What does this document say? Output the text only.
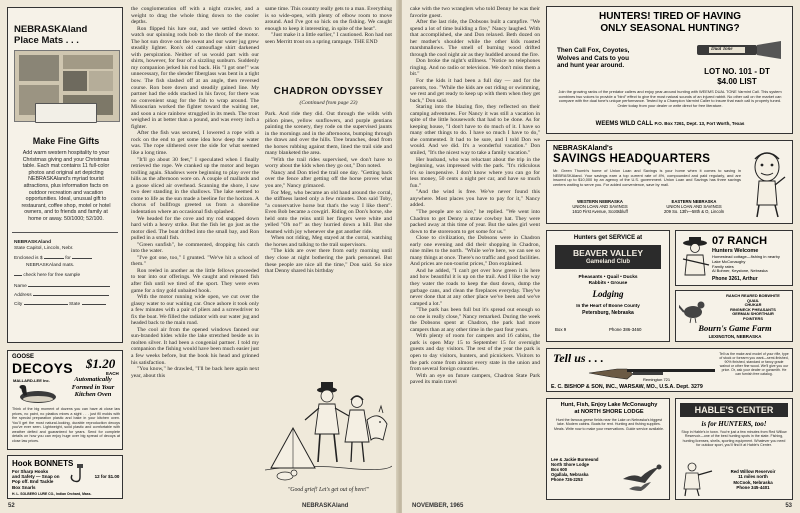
NEBRASKAland
Place Mats . . .
Make Fine Gifts
Add warm western hospitality to your Christmas giving and your Christmas table. Each mat contains 11 full-color photos and original art depicting NEBRASKAland's myriad tourist attractions, plus information facts on outdoor recreation and vacation opportunities. Ideal, unusual gift to restaurant, coffee shop, motel or hotel owners, and to friends and family at home or away. 50/1000; 52/100.
NEBRASKAland
State Capitol, Lincoln, Nebr.
Enclosed is $	for
NEBRASKAland mats.
check here for free sample
Name
Address
City	State
GOOSE
DECOYS $1.20
EACH
Automatically
Formed in Your
Kitchen Oven
MALLARD-LEE Inc.
Think of the big moment of dozens you can have at close law prices, no paint, no plastics mixes a sight . . . just fill molds with the special preparation plastic and bake in your kitchen oven. You'll get the most natural-looking, durable reproduction decoys you've ever seen. Lightweight, solid plastic and comfortable with weather defied and guaranteed for years. Send for complete details on how you can enjoy huge over big spread of decoys at close law prices.
Hook BONNETS
For Sharp Hooks
and Safety — Snap on
Pop off. End Tackle
Box Snarls
12 for $1.00
H. L. SOLBERG LURE CO., Indian Orchard, Mass.

the conglomeration off with a night crawler, and a weight to drag the whole thing down to the cooler depths.

Ron flipped his lure out, and we settled down to watch our spinning rods bob to the throb of the motor. The hot sun drove out the sweat and our water jug grew steadily lighter. Ron's old camouflage shirt darkened with perspiration. Neither of us would part with our shirts, however, for fear of a sizzling sunburn. Suddenly my companion jerked his rod back. His "I got one!" was unnecessary, for the slender fiberglass was bent in a tight bow. The fish slashed off at an angle, then reversed course. Ron bore down and steadily gained line. My partner had the odds stacked in his favor, for there was no convenient snag for the fish to wrap around. The Missourian worked the fighter toward the waiting net, and soon a nice rainbow struggled in its mesh. The trout weighed in at better than a pound, and was every inch a fighter.

After the fish was secured, I lowered a rope with a rock on the end to get some idea how deep the water was. The rope slithered over the side for what seemed like a long time.

"It'll go about 30 feet," I speculated when I finally retrieved the rope. We cranked up the motor and began trolling again. Shadows were beginning to play over the hills as the afternoon wore on. A couple of mallards and a goose sliced air overhead. Scanning the shore, I saw two deer standing in the shallows. The lake seemed to come to life as the sun made a beeline for the horizon. A chorus of bullfrogs greeted us from a shoreline indentation where an occasional fish splashed.

We headed for the cove and my rod snapped down hard with a heavy strike. But the fish let go just as the motor died. The boat drifted into the small bay, and Ron pulled in a small fish.

"Green sunfish", he commented, dropping his catch into the water.

"I've got one, too," I grunted. "We've hit a school of them."

Ron reeled in another as the little fellows proceeded to tear into our offerings. We caught and released fish after fish until we tired of the sport. They were even game for a tiny gold unbaited hook.

With the motor running wide open, we cut over the glassy water to our waiting car. Once ashore it took only a few minutes with a pair of pliers and a screwdriver to fix the boat. We filled the radiator with our water jug and headed back to the main road.

The cool air from the opened windows fanned our sun-branded hides while the lake stretched beside us in molten silver. It had been a congenial partner. I told my companion the fishing would have been much easier just a few weeks before, but the book his head and grinned his satisfaction.

"You know," he drawled, "I'll be back here again next year, about this

same time. This country really gets to a man. Everything is so wide-open, with plenty of elbow room to move around. And I've got so hick on the fishing. We caught enough to keep it interesting, in spite of the heat".

"Just make it a little earlier," I cautioned. Ron had not seen Merritt trout on a spring rampage. THE END

CHADRON ODYSSEY
(Continued from page 23)

Park. And ride they did. Out through the wilds with piñon pines, yellow sunflowers, and purple gentians painting the scenery, they rode on the supervised jaunts in the mornings and in the afternoons, bumping through the draws and over the hills. Tree branches, dead from the horses rubbing against them, lined the trail side and many blanketed the area.

"With the trail rides supervised, we don't have to worry about the kids when they go out," Don noted.

Nancy and Don tried the trail one day. "Getting back over the fence after getting off the horse proves what you are," Nancy grimaced.

For Meg, who became an old hand around the corral, the stiffness lasted only a few minutes. Don said Toby, "a conservative horse but that's the way I like them". Even Bob became a cowgirl. Riding on Don's horse, she held onto the reins until her fingers were white and yelled "Oh no!" as they hurried down a hill. But she beamed with joy whenever she got another ride.

When not riding, Meg stayed at the corral, watching the horses and talking to the trail supervisors.

"The kids are over there from early morning until they close at night bothering the park personnel. But these people are nice all the time," Don said. So nice that Denny shared his birthday

"Good grief! Let's get out of here!"
52	NEBRASKAland

cake with the two wranglers who told Denny he was their favorite guest.

After the last ride, the Dobsons built a campfire. "We spend a lot of time building a fire," Nancy laughed. With that accomplished, she and Don relaxed. Beth dozed on her mother's shoulder while the other kids roasted marshmallows. The smell of burning wood drifted through the cool night air as they huddled around the fire.

Don broke the night's stillness. "Notice no telephones ringing. And no radio or television. We don't miss them a bit."

For the kids it had been a full day — and for the parents, too. "While the kids are out riding or swimming, we rest and get ready to keep up with them when they get back," Don said.

Staring into the blazing fire, they reflected on their camping adventures. For Nancy it was still a vacation in spite of the little housework that had to be done. As for keeping house, "I don't have to do much of it. I have so many other things to do. I have so much I have to do," she commented. It had to be sure, and I told Don we would. And we did. It's a wonderful vacation." Don smiled, "It's the nicest way to take a family vacation."

Her husband, who was reluctant about the trip in the beginning, was impressed with the park. "It's ridiculous it's so inexpensive. I don't know where you can go for less money, 50 cents a night per car, and have so much fun."

"And the wind is free. We've never found this anywhere. Most places you have to pay for it," Nancy added.

"The people are so nice," he replied. "We went into Chadron to get Denny a straw cowboy hat. They were packed away at this time of year. But the sales girl went down to the storeroom to get some for us."

Close to civilization, the Dobsons were in Chadron early one evening and did their shopping in Chadron, nine miles to the north. "While we're here, we can see so many things at once. There's no traffic and good facilities. And prices are non-tourist prices," Don explained.

And he added, "I can't get over how green it is here and how beautiful it is up on the trail. And I like the way they water the roads to keep the dust down, dump the garbage cans, and clean the fireplaces everyday. They've never done that at any other place we've been and we've camped a lot."

"The park has been full but it's spread out enough so no one is really close," Nancy remarked. During the week the Dobsons spent at Chadron, the park had more campers than at any other time in the past four years.

With plenty of room for campers and 16 cabins, the park is open May 15 to September 15 for overnight guests and day visitors. The rest of the year the park is open to day visitors, hunters, and picnickers. Visitors to the park come from almost every state in the union and from several foreign countries.

With an eye on future campers, Chadron State Park paved its main travel

HUNTERS! TIRED OF HAVING
ONLY SEASONAL HUNTING?
Then Call Fox, Coyotes,
Wolves and Cats to you
and hunt year around.
Dual Tone
LOT NO. 101 - DT
$4.00 LIST
Join the growing ranks of the predator callers and enjoy year-around hunting with WEEMS DUAL TONE Varmint Call. This system combines two voices to provide a "bird" effect to give the most natural sounds of an injured rabbit. No other call on the market can compare with the dual tone's unique performance. Tested by a Champion Varmint Caller to insure that each call is properly tuned. Order today from your dealer or write direct for free literature.
WEEMS WILD CALL P.O. Box 7261, Dept. 13, Fort Worth, Texas
NEBRASKAland's
SAVINGS HEADQUARTERS
Mr. Green Thumb's home of Union Loan and Savings is your home when it comes to saving in NEBRASKAland. Your savings earn a top current rate of 4%, compounded and paid regularly, and are insured up to $10,000 by an agency of the U.S. government. Union Loan and Savings has three savings centers waiting to serve you. For added convenience, save by mail.
WESTERN NEBRASKA
UNION LOAN AND SAVINGS
1610 First Avenue, Scottsbluff
EASTERN NEBRASKA
UNION LOAN AND SAVINGS
209 So. 13th—58th & O, Lincoln
Hunters get SERVICE at
BEAVER VALLEY
Gameland Club
Pheasants • Quail • Ducks
Rabbits • Grouse
Lodging
In the Heart of Boone County
Petersburg, Nebraska
Box 9	Phone 386-3460
07 RANCH
Hunters Welcome
Homestead cottage—fishing in nearby
Lake McConaughy
Family rates
Al Bohner, Keystone, Nebraska
Phone 3261, Arthur
RANCH REARED BOBWHITE
QUAIL
CHUKAR
RINGNECK PHEASANTS
GERMAN SHORTHAIR
POINTERS
Bourn's Game Farm
LEXINGTON, NEBRASKA
Tell us . . .
Remington 721
Tell us the make and model of your rifle, type of stock or forearm you want—semi-finished, 90% finished, standard or fancy grade walnut or other fine wood. We'll give you our price. Or, ask your dealer or gunsmith. He can furnish free catalog.
E. C. BISHOP & SON, INC., WARSAW, MO., U.S.A. Dept. 3279
Hunt, Fish, Enjoy Lake McConaughy
at NORTH SHORE LODGE
Hunt the famous geese fields near the Lake on Nebraska's biggest lake. Modern cabins. Boats for rent. Hunting and fishing supplies. Meals. Write now to make your reservations. Guide service available.
Lee & Jackie Burmeund
North Shore Lodge
Box 600
Ogallala, Nebraska
Phone 726-2253
HABLE'S CENTER
is for HUNTERS, too!
Stop in Hable's in town. You're just a few minutes from Red Willow Reservoir—one of the best hunting spots in the state. Fishing, hunting licenses, shells, sporting equipment. Whatever you need for outdoor sport, you'll find it at Hable's Center.
Red Willow Reservoir
11 miles north
McCook, Nebraska
Phone 345-4401
NOVEMBER, 1965	53
